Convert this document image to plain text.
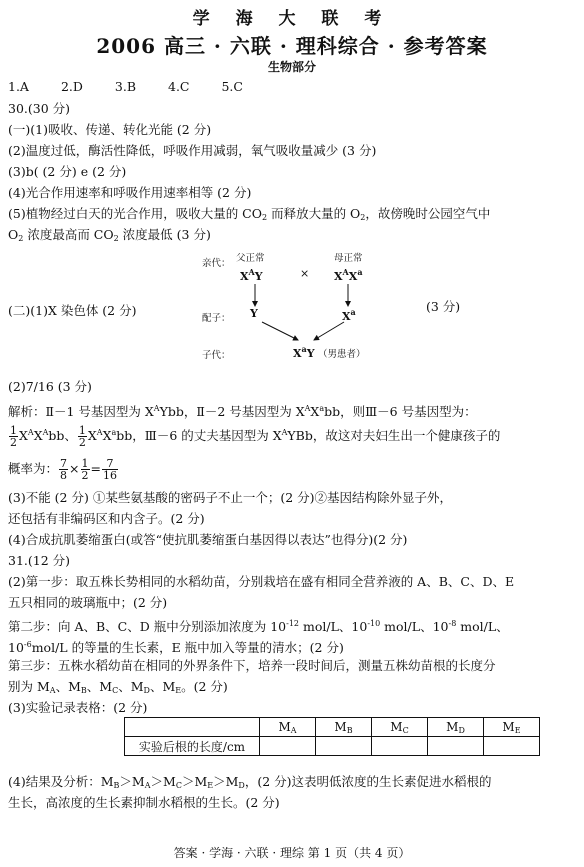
学 海 大 联 考
2006 高三 · 六联 · 理科综合 · 参考答案
生物部分
1.A	2.D	3.B	4.C	5.C
30.(30 分)
(一)(1)吸收、传递、转化光能 (2 分)
(2)温度过低，酶活性降低，呼吸作用减弱，氧气吸收量减少 (3 分)
(3)b( (2 分) e (2 分)
(4)光合作用速率和呼吸作用速率相等 (2 分)
(5)植物经过白天的光合作用，吸收大量的 $CO_2$ 而释放大量的 $O_2$，故傍晚时公园空气中
$O_2$ 浓度最高而 $CO_2$ 浓度最低 (3 分)
亲代： 父正常	母正常
$X^AY$	× $X^AX^a$
配子： Y	$X^a$
子代：	$X^aY$ （男患者）
(二)(1)X 染色体 (2 分)	(3 分)
(2)7/16 (3 分)
解析：Ⅱ－1 号基因型为 $X^AYbb$，Ⅱ－2 号基因型为 $X^AX^abb$，则Ⅲ－6 号基因型为：
$\frac{1}{2} X^AX^Abb$、 $\frac{1}{2} X^AX^abb$，Ⅲ－6 的丈夫基因型为 $X^AYBb$，故这对夫妇生出一个健康孩子的
概率为： $\frac{7}{8} \times \frac{1}{2} = \frac{7}{16}$
(3)不能 (2 分) ①某些氨基酸的密码子不止一个；(2 分)②基因结构除外显子外，
还包括有非编码区和内含子。(2 分)
(4)合成抗肌萎缩蛋白(或答“使抗肌萎缩蛋白基因得以表达”也得分)(2 分)
31.(12 分)
(2)第一步：取五株长势相同的水稻幼苗，分别栽培在盛有相同全营养液的 A、B、C、D、E
五只相同的玻璃瓶中；(2 分)
第二步：向 A、B、C、D 瓶中分别添加浓度为 $10^{-12}$ mol/L、$10^{-10}$ mol/L、$10^{-8}$ mol/L、
$10^{-6}mol/L$ 的等量的生长素，E 瓶中加入等量的清水；(2 分)
第三步：五株水稻幼苗在相同的外界条件下，培养一段时间后，测量五株幼苗根的长度分
别为 $M_A$、$M_B$、$M_C$、$M_D$、$M_E$。(2 分)
(3)实验记录表格：(2 分)
	$M_A$	$M_B$	$M_C$	$M_D$	$M_E$
实验后根的长度/cm					
(4)结果及分析：$M_B>M_A>M_C>M_E>M_D$，(2 分)这表明低浓度的生长素促进水稻根的
生长，高浓度的生长素抑制水稻根的生长。(2 分)
答案 · 学海 · 六联 · 理综 第 1 页（共 4 页）
